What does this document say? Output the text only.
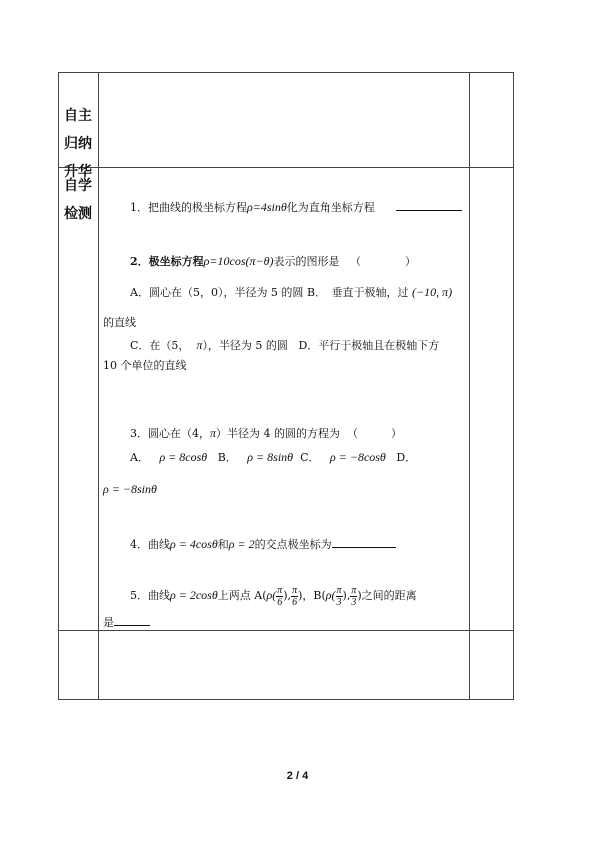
自主
归纳
升华
自学
检测	1．把曲线的极坐标方程ρ=4sinθ化为直角坐标方程
2．极坐标方程ρ=10cos(π−θ)表示的图形是 （　　　　）
A．圆心在（5，0），半径为 5 的圆 B．　垂直于极轴，过 (−10, π)
的直线
C．在（5， π），半径为 5 的圆 D．平行于极轴且在极轴下方
10 个单位的直线
3．圆心在（4，π）半径为 4 的圆的方程为 （　　　）
A． ρ = 8cosθ B． ρ = 8sinθ C． ρ = −8cosθ D．
ρ = −8sinθ
4．曲线ρ = 4cosθ和ρ = 2的交点极坐标为
5．曲线ρ = 2cosθ上两点 $A(\rho( \frac{\pi}{6}$ ), $\frac{\pi}{6}$ )，$B(\rho( \frac{\pi}{3}$ ), $\frac{\pi}{3}$ )之间的距离
是
2 / 4
